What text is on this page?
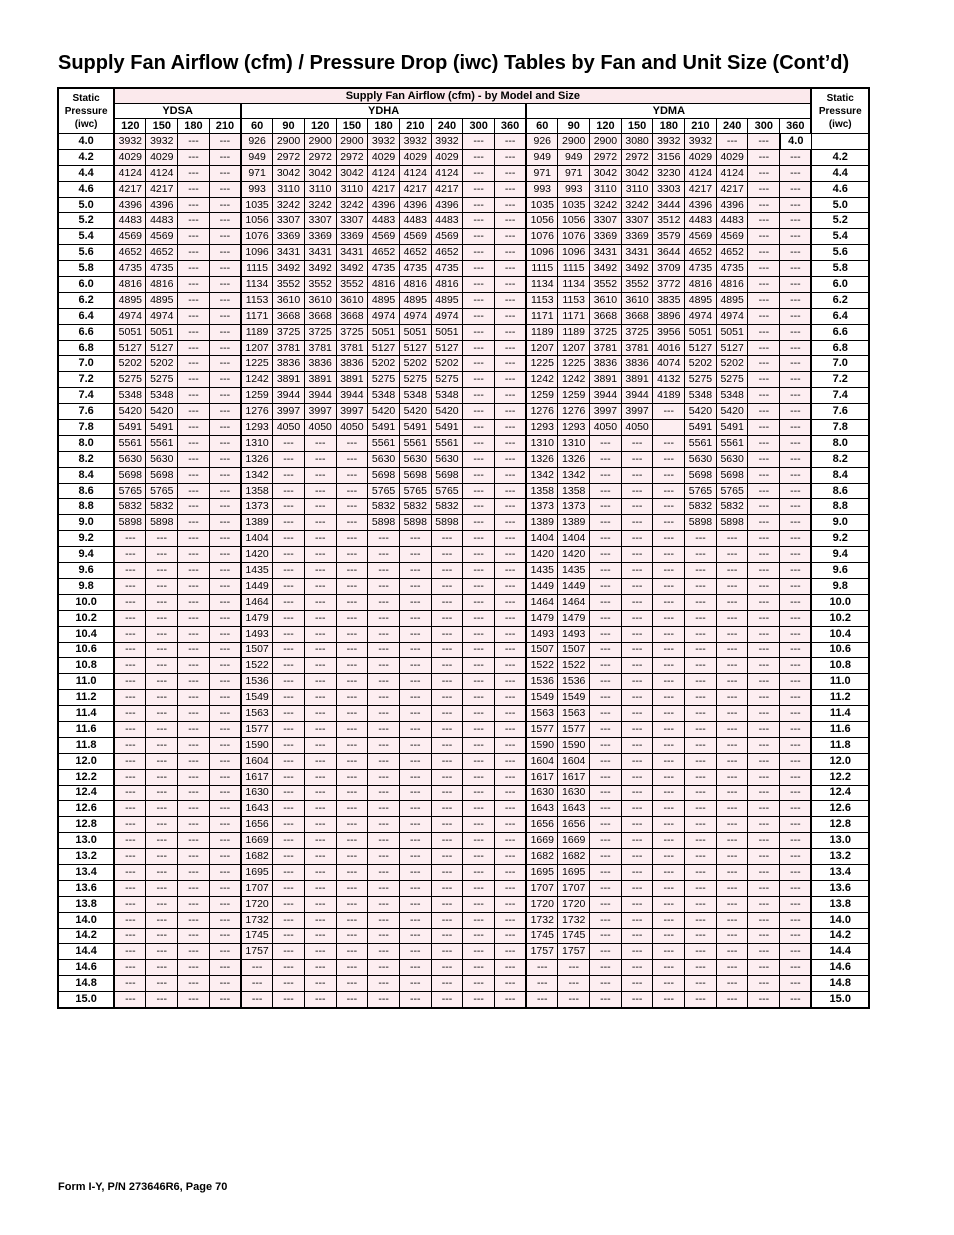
Supply Fan Airflow (cfm) / Pressure Drop (iwc) Tables by Fan and Unit Size (Cont’d)
Static
Pressure
(iwc)	Supply Fan Airflow (cfm) - by Model and Size																						Static
Pressure
(iwc)
	YDSA				YDHA									YDMA									
	120	150	180	210	60	90	120	150	180	210	240	300	360	60	90	120	150	180	210	240	300	360	
4.0	3932	3932	---	---	926	2900	2900	2900	3932	3932	3932	---	---	926	2900	2900	3080	3932	3932	---	---	4.0	
4.2	4029	4029	---	---	949	2972	2972	2972	4029	4029	4029	---	---	949	949	2972	2972	3156	4029	4029	---	---	4.2
4.4	4124	4124	---	---	971	3042	3042	3042	4124	4124	4124	---	---	971	971	3042	3042	3230	4124	4124	---	---	4.4
4.6	4217	4217	---	---	993	3110	3110	3110	4217	4217	4217	---	---	993	993	3110	3110	3303	4217	4217	---	---	4.6
5.0	4396	4396	---	---	1035	3242	3242	3242	4396	4396	4396	---	---	1035	1035	3242	3242	3444	4396	4396	---	---	5.0
5.2	4483	4483	---	---	1056	3307	3307	3307	4483	4483	4483	---	---	1056	1056	3307	3307	3512	4483	4483	---	---	5.2
5.4	4569	4569	---	---	1076	3369	3369	3369	4569	4569	4569	---	---	1076	1076	3369	3369	3579	4569	4569	---	---	5.4
5.6	4652	4652	---	---	1096	3431	3431	3431	4652	4652	4652	---	---	1096	1096	3431	3431	3644	4652	4652	---	---	5.6
5.8	4735	4735	---	---	1115	3492	3492	3492	4735	4735	4735	---	---	1115	1115	3492	3492	3709	4735	4735	---	---	5.8
6.0	4816	4816	---	---	1134	3552	3552	3552	4816	4816	4816	---	---	1134	1134	3552	3552	3772	4816	4816	---	---	6.0
6.2	4895	4895	---	---	1153	3610	3610	3610	4895	4895	4895	---	---	1153	1153	3610	3610	3835	4895	4895	---	---	6.2
6.4	4974	4974	---	---	1171	3668	3668	3668	4974	4974	4974	---	---	1171	1171	3668	3668	3896	4974	4974	---	---	6.4
6.6	5051	5051	---	---	1189	3725	3725	3725	5051	5051	5051	---	---	1189	1189	3725	3725	3956	5051	5051	---	---	6.6
6.8	5127	5127	---	---	1207	3781	3781	3781	5127	5127	5127	---	---	1207	1207	3781	3781	4016	5127	5127	---	---	6.8
7.0	5202	5202	---	---	1225	3836	3836	3836	5202	5202	5202	---	---	1225	1225	3836	3836	4074	5202	5202	---	---	7.0
7.2	5275	5275	---	---	1242	3891	3891	3891	5275	5275	5275	---	---	1242	1242	3891	3891	4132	5275	5275	---	---	7.2
7.4	5348	5348	---	---	1259	3944	3944	3944	5348	5348	5348	---	---	1259	1259	3944	3944	4189	5348	5348	---	---	7.4
7.6	5420	5420	---	---	1276	3997	3997	3997	5420	5420	5420	---	---	1276	1276	3997	3997	---	5420	5420	---	---	7.6
7.8	5491	5491	---	---	1293	4050	4050	4050	5491	5491	5491	---	---	1293	1293	4050	4050		5491	5491	---	---	7.8
8.0	5561	5561	---	---	1310	---	---	---	5561	5561	5561	---	---	1310	1310	---	---	---	5561	5561	---	---	8.0
8.2	5630	5630	---	---	1326	---	---	---	5630	5630	5630	---	---	1326	1326	---	---	---	5630	5630	---	---	8.2
8.4	5698	5698	---	---	1342	---	---	---	5698	5698	5698	---	---	1342	1342	---	---	---	5698	5698	---	---	8.4
8.6	5765	5765	---	---	1358	---	---	---	5765	5765	5765	---	---	1358	1358	---	---	---	5765	5765	---	---	8.6
8.8	5832	5832	---	---	1373	---	---	---	5832	5832	5832	---	---	1373	1373	---	---	---	5832	5832	---	---	8.8
9.0	5898	5898	---	---	1389	---	---	---	5898	5898	5898	---	---	1389	1389	---	---	---	5898	5898	---	---	9.0
9.2	---	---	---	---	1404	---	---	---	---	---	---	---	---	1404	1404	---	---	---	---	---	---	---	9.2
9.4	---	---	---	---	1420	---	---	---	---	---	---	---	---	1420	1420	---	---	---	---	---	---	---	9.4
9.6	---	---	---	---	1435	---	---	---	---	---	---	---	---	1435	1435	---	---	---	---	---	---	---	9.6
9.8	---	---	---	---	1449	---	---	---	---	---	---	---	---	1449	1449	---	---	---	---	---	---	---	9.8
10.0	---	---	---	---	1464	---	---	---	---	---	---	---	---	1464	1464	---	---	---	---	---	---	---	10.0
10.2	---	---	---	---	1479	---	---	---	---	---	---	---	---	1479	1479	---	---	---	---	---	---	---	10.2
10.4	---	---	---	---	1493	---	---	---	---	---	---	---	---	1493	1493	---	---	---	---	---	---	---	10.4
10.6	---	---	---	---	1507	---	---	---	---	---	---	---	---	1507	1507	---	---	---	---	---	---	---	10.6
10.8	---	---	---	---	1522	---	---	---	---	---	---	---	---	1522	1522	---	---	---	---	---	---	---	10.8
11.0	---	---	---	---	1536	---	---	---	---	---	---	---	---	1536	1536	---	---	---	---	---	---	---	11.0
11.2	---	---	---	---	1549	---	---	---	---	---	---	---	---	1549	1549	---	---	---	---	---	---	---	11.2
11.4	---	---	---	---	1563	---	---	---	---	---	---	---	---	1563	1563	---	---	---	---	---	---	---	11.4
11.6	---	---	---	---	1577	---	---	---	---	---	---	---	---	1577	1577	---	---	---	---	---	---	---	11.6
11.8	---	---	---	---	1590	---	---	---	---	---	---	---	---	1590	1590	---	---	---	---	---	---	---	11.8
12.0	---	---	---	---	1604	---	---	---	---	---	---	---	---	1604	1604	---	---	---	---	---	---	---	12.0
12.2	---	---	---	---	1617	---	---	---	---	---	---	---	---	1617	1617	---	---	---	---	---	---	---	12.2
12.4	---	---	---	---	1630	---	---	---	---	---	---	---	---	1630	1630	---	---	---	---	---	---	---	12.4
12.6	---	---	---	---	1643	---	---	---	---	---	---	---	---	1643	1643	---	---	---	---	---	---	---	12.6
12.8	---	---	---	---	1656	---	---	---	---	---	---	---	---	1656	1656	---	---	---	---	---	---	---	12.8
13.0	---	---	---	---	1669	---	---	---	---	---	---	---	---	1669	1669	---	---	---	---	---	---	---	13.0
13.2	---	---	---	---	1682	---	---	---	---	---	---	---	---	1682	1682	---	---	---	---	---	---	---	13.2
13.4	---	---	---	---	1695	---	---	---	---	---	---	---	---	1695	1695	---	---	---	---	---	---	---	13.4
13.6	---	---	---	---	1707	---	---	---	---	---	---	---	---	1707	1707	---	---	---	---	---	---	---	13.6
13.8	---	---	---	---	1720	---	---	---	---	---	---	---	---	1720	1720	---	---	---	---	---	---	---	13.8
14.0	---	---	---	---	1732	---	---	---	---	---	---	---	---	1732	1732	---	---	---	---	---	---	---	14.0
14.2	---	---	---	---	1745	---	---	---	---	---	---	---	---	1745	1745	---	---	---	---	---	---	---	14.2
14.4	---	---	---	---	1757	---	---	---	---	---	---	---	---	1757	1757	---	---	---	---	---	---	---	14.4
14.6	---	---	---	---	---	---	---	---	---	---	---	---	---	---	---	---	---	---	---	---	---	---	14.6
14.8	---	---	---	---	---	---	---	---	---	---	---	---	---	---	---	---	---	---	---	---	---	---	14.8
15.0	---	---	---	---	---	---	---	---	---	---	---	---	---	---	---	---	---	---	---	---	---	---	15.0
Form I-Y, P/N 273646R6, Page 70
